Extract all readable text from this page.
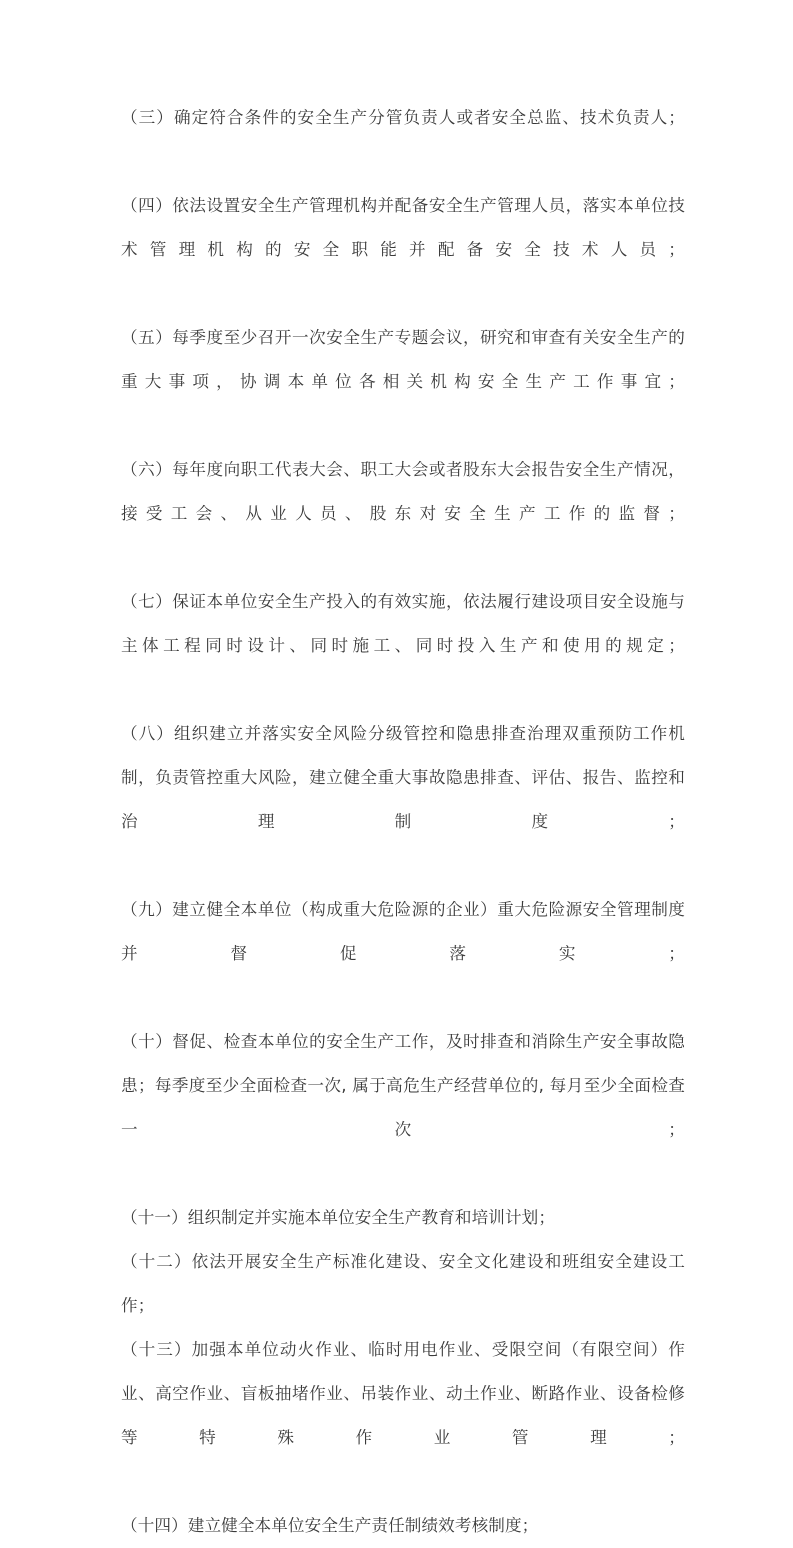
（三）确定符合条件的安全生产分管负责人或者安全总监、技术负责人；

（四）依法设置安全生产管理机构并配备安全生产管理人员，落实本单位技术管理机构的安全职能并配备安全技术人员；

（五）每季度至少召开一次安全生产专题会议，研究和审查有关安全生产的重大事项，协调本单位各相关机构安全生产工作事宜；

（六）每年度向职工代表大会、职工大会或者股东大会报告安全生产情况，接受工会、从业人员、股东对安全生产工作的监督；

（七）保证本单位安全生产投入的有效实施，依法履行建设项目安全设施与主体工程同时设计、同时施工、同时投入生产和使用的规定；

（八）组织建立并落实安全风险分级管控和隐患排查治理双重预防工作机制，负责管控重大风险，建立健全重大事故隐患排查、评估、报告、监控和治理制度；

（九）建立健全本单位（构成重大危险源的企业）重大危险源安全管理制度并督促落实；

（十）督促、检查本单位的安全生产工作，及时排查和消除生产安全事故隐患；每季度至少全面检查一次, 属于高危生产经营单位的, 每月至少全面检查一次；

（十一）组织制定并实施本单位安全生产教育和培训计划；

（十二）依法开展安全生产标准化建设、安全文化建设和班组安全建设工作；

（十三）加强本单位动火作业、临时用电作业、受限空间（有限空间）作业、高空作业、盲板抽堵作业、吊装作业、动土作业、断路作业、设备检修等特殊作业管理；

（十四）建立健全本单位安全生产责任制绩效考核制度；
